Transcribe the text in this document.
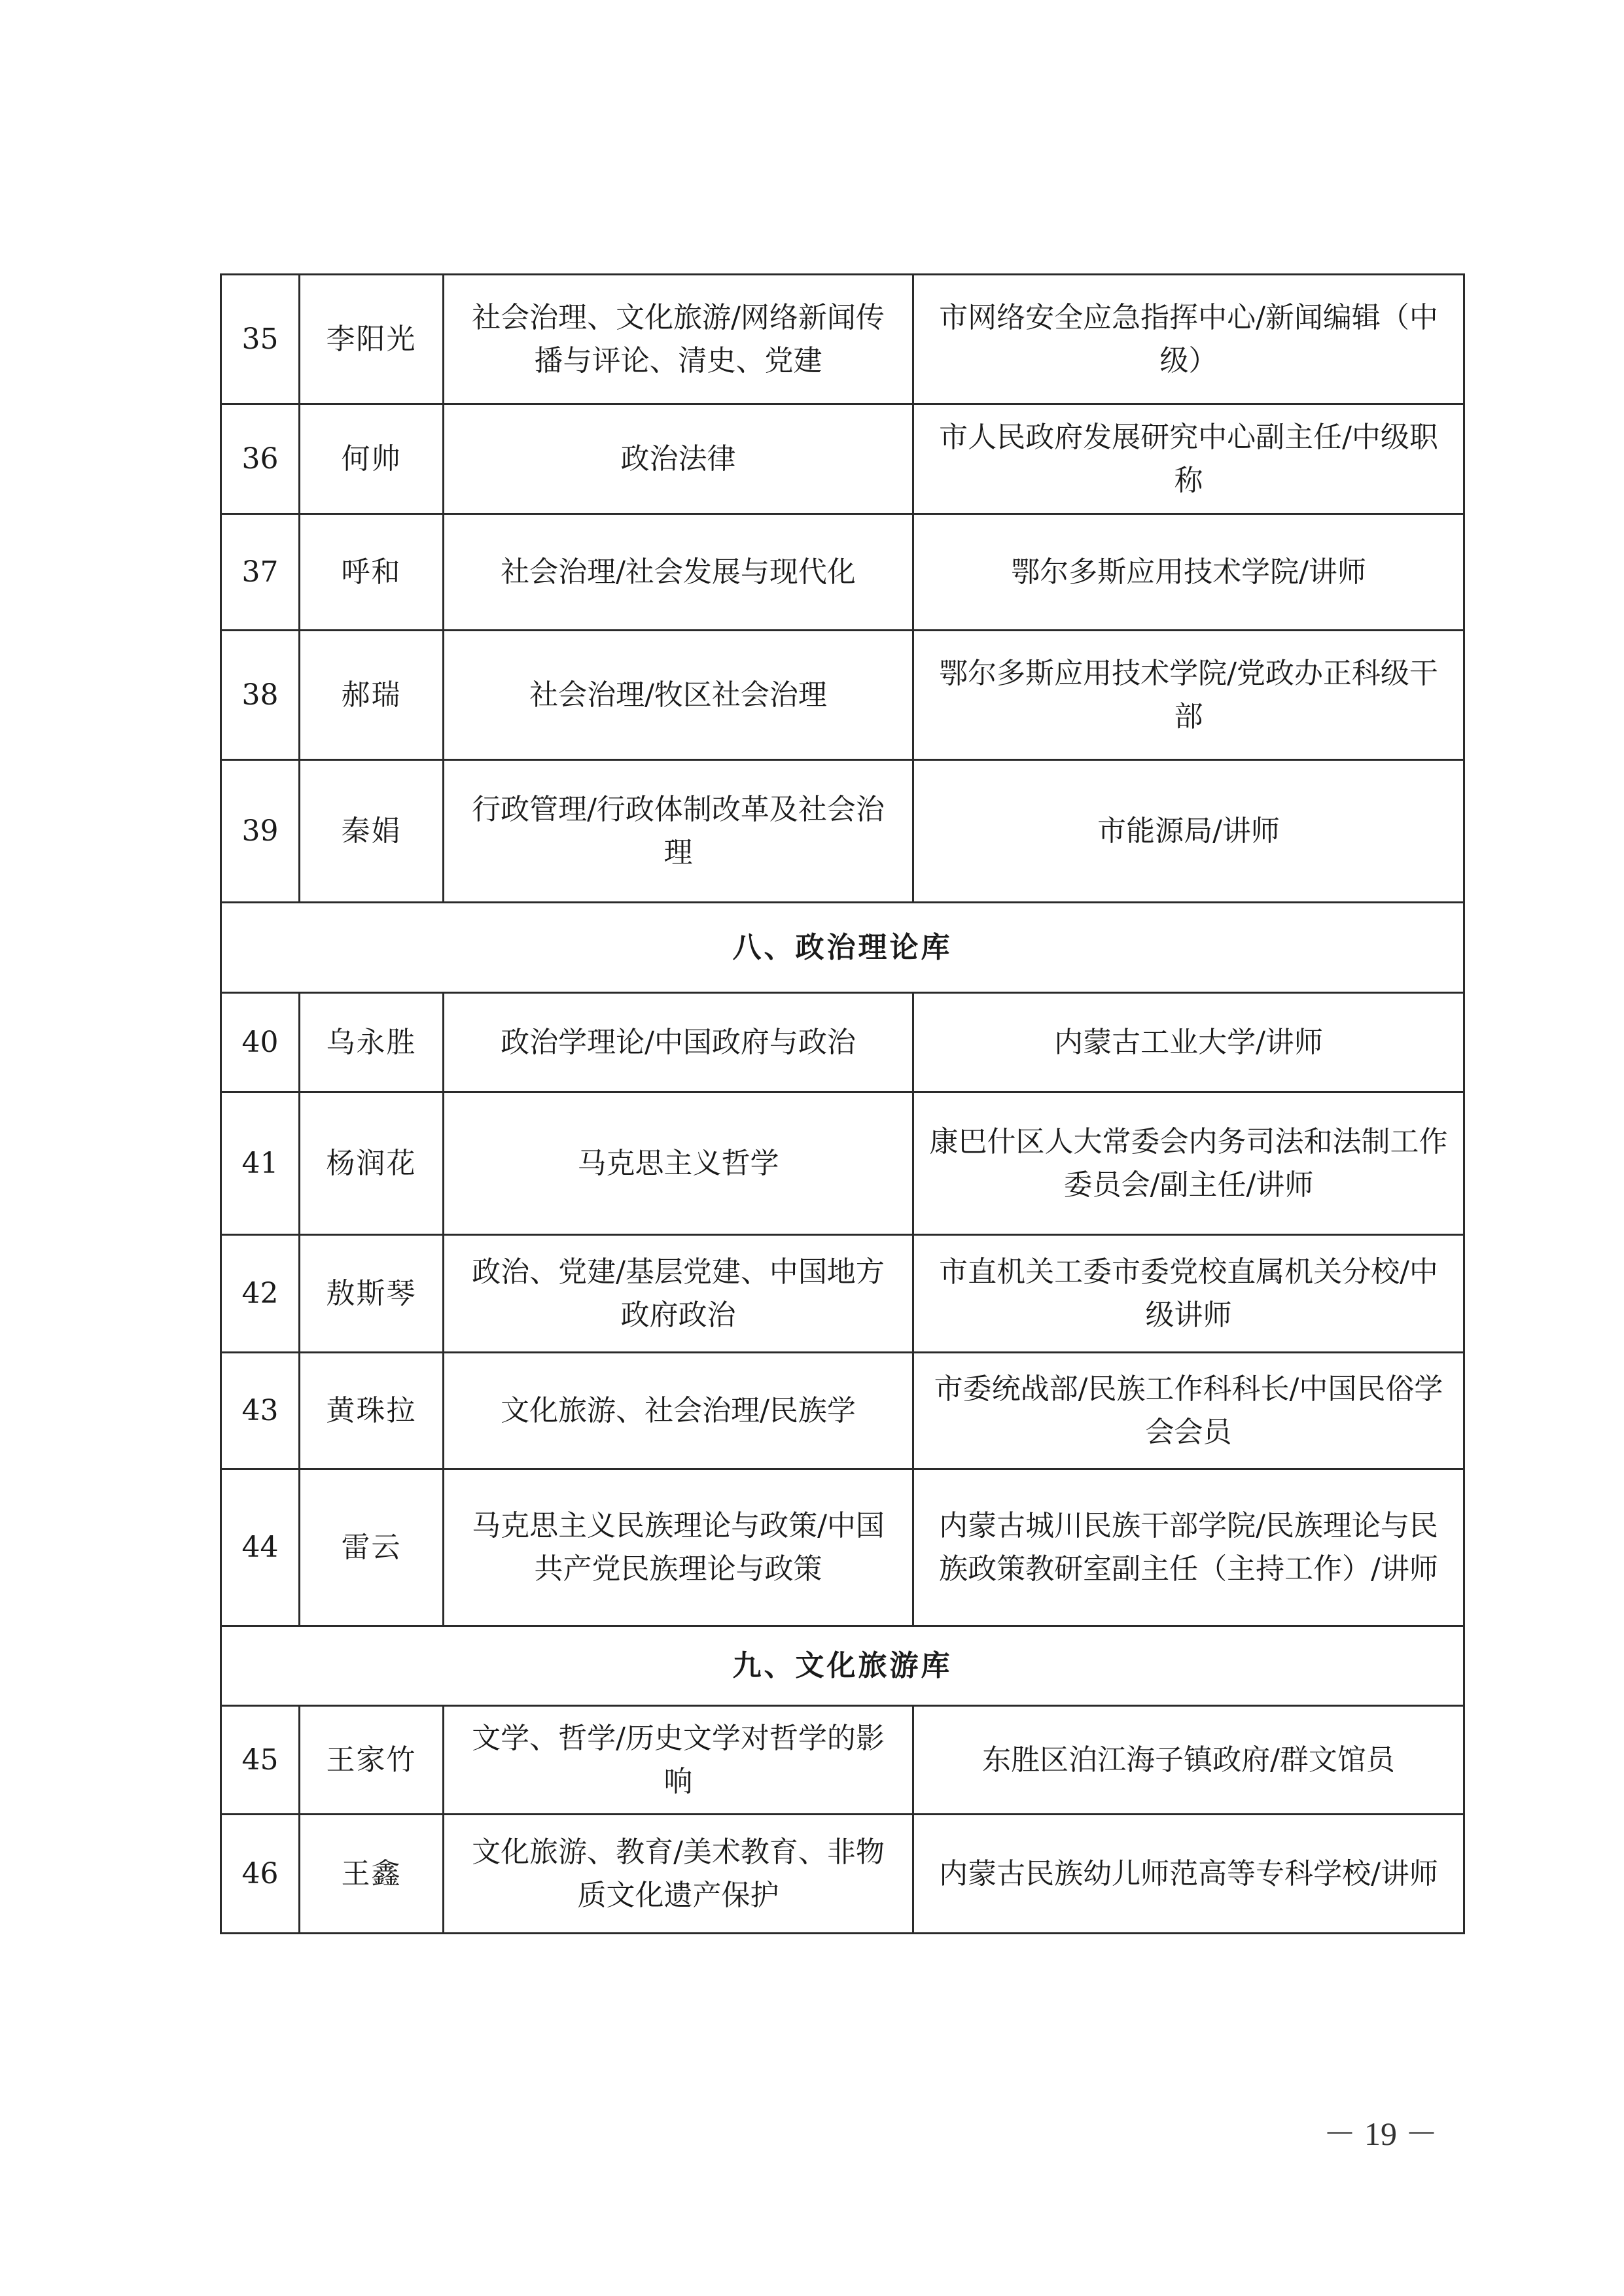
35	李阳光	社会治理、文化旅游/网络新闻传播与评论、清史、党建	市网络安全应急指挥中心/新闻编辑（中级）
36	何帅	政治法律	市人民政府发展研究中心副主任/中级职称
37	呼和	社会治理/社会发展与现代化	鄂尔多斯应用技术学院/讲师
38	郝瑞	社会治理/牧区社会治理	鄂尔多斯应用技术学院/党政办正科级干部
39	秦娟	行政管理/行政体制改革及社会治理	市能源局/讲师
八、政治理论库			
40	乌永胜	政治学理论/中国政府与政治	内蒙古工业大学/讲师
41	杨润花	马克思主义哲学	康巴什区人大常委会内务司法和法制工作委员会/副主任/讲师
42	敖斯琴	政治、党建/基层党建、中国地方政府政治	市直机关工委市委党校直属机关分校/中级讲师
43	黄珠拉	文化旅游、社会治理/民族学	市委统战部/民族工作科科长/中国民俗学会会员
44	雷云	马克思主义民族理论与政策/中国共产党民族理论与政策	内蒙古城川民族干部学院/民族理论与民族政策教研室副主任（主持工作）/讲师
九、文化旅游库			
45	王家竹	文学、哲学/历史文学对哲学的影响	东胜区泊江海子镇政府/群文馆员
46	王鑫	文化旅游、教育/美术教育、非物质文化遗产保护	内蒙古民族幼儿师范高等专科学校/讲师
－ 19 －
